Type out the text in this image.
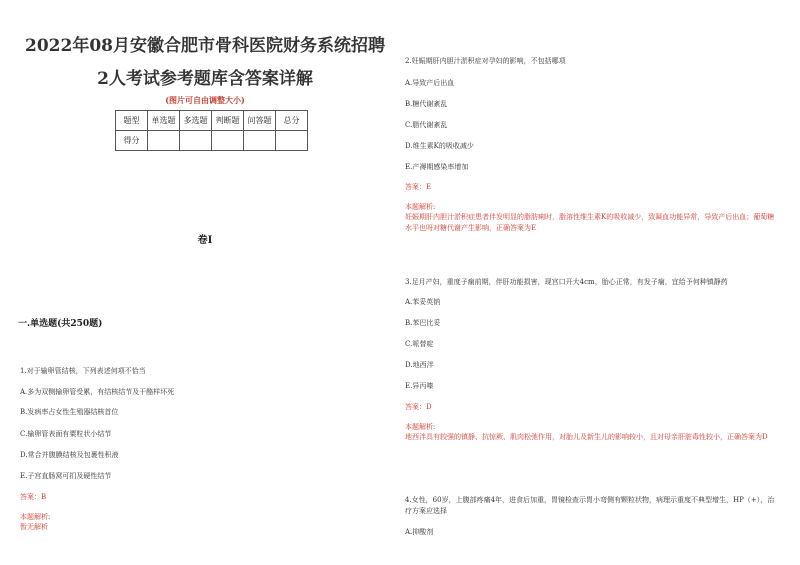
2022年08月安徽合肥市骨科医院财务系统招聘
2人考试参考题库含答案详解
(图片可自由调整大小)
题型	单选题	多选题	判断题	问答题	总分
得分					
卷I
一.单选题(共250题)
1.对于输卵管结核，下列表述何项不恰当
A.多为双侧输卵管受累，有结核结节及干酪样坏死
B.发病率占女性生殖器结核首位
C.输卵管表面有粟粒状小结节
D.常合并腹膜结核及包裹性积液
E.子宫直肠窝可扪及硬性结节
答案：B
本题解析:
暂无解析
2.妊娠期肝内胆汁淤积症对孕妇的影响，不包括哪项
A.导致产后出血
B.糖代谢紊乱
C.脂代谢紊乱
D.维生素K的吸收减少
E.产褥期感染率增加
答案：E
本题解析:
妊娠期肝内胆汁淤积症患者伴发明显的脂肪痢时，脂溶性维生素K的吸收减少，致凝血功能异常，导致产后出血；葡萄糖水平也呀对糖代谢产生影响，正确答案为E
3.足月产妇，重度子痫前期，伴肝功能损害，现宫口开大4cm，胎心正常，有发子痫，宜给予何种镇静药
A.苯妥英钠
B.苯巴比妥
C.哌替啶
D.地西泮
E.异丙嗪
答案：D
本题解析:
地西泮具有较强的镇静、抗惊厥、肌肉松弛作用，对胎儿及新生儿的影响较小，且对母亲肝脏毒性较小，正确答案为D
4.女性，60岁，上腹部疼痛4年，进食后加重，胃镜检查示胃小弯侧有颗粒状物，病理示重度不典型增生，HP（+），治疗方案应选择
A.抑酸剂
